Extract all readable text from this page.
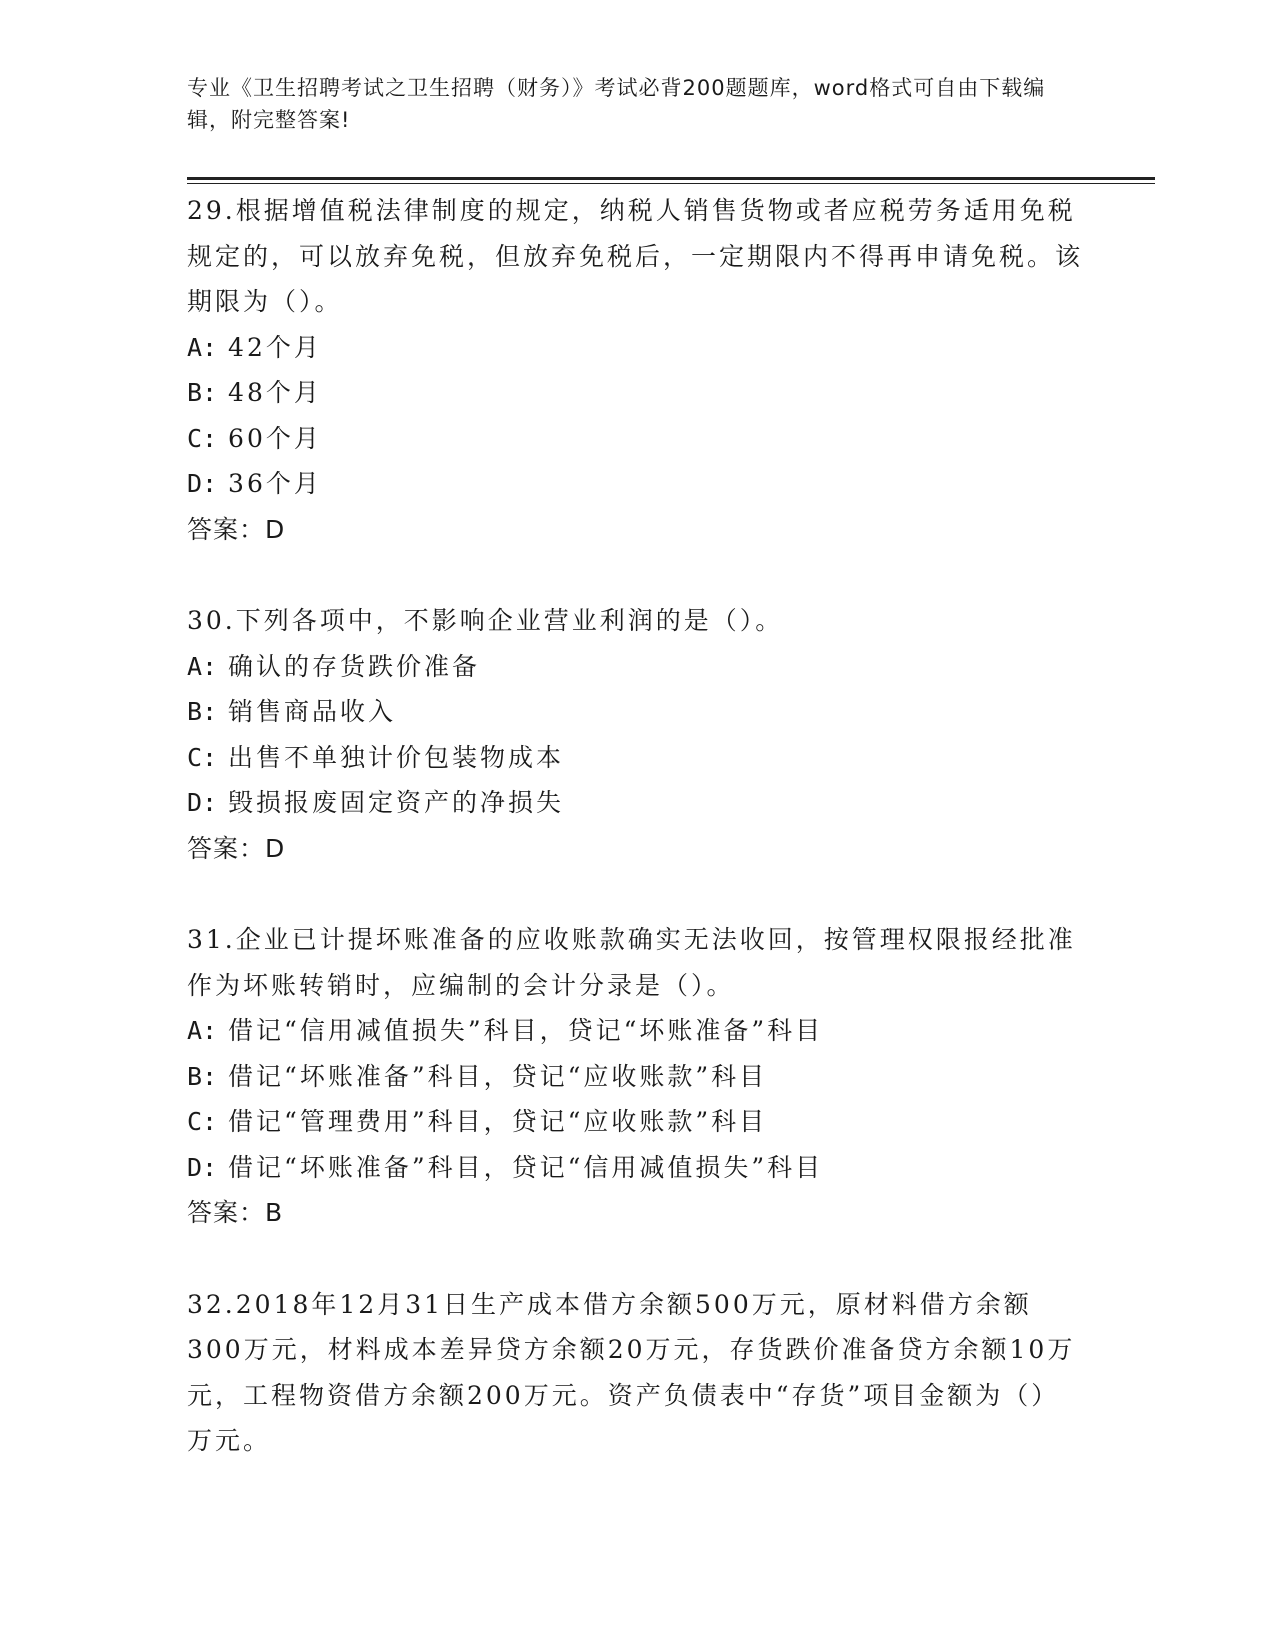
专业《卫生招聘考试之卫生招聘（财务）》考试必背200题题库，word格式可自由下载编辑，附完整答案!

29.根据增值税法律制度的规定，纳税人销售货物或者应税劳务适用免税规定的，可以放弃免税，但放弃免税后，一定期限内不得再申请免税。该期限为（）。

A: 42个月

B: 48个月

C: 60个月

D: 36个月

答案：D

30.下列各项中，不影响企业营业利润的是（）。

A: 确认的存货跌价准备

B: 销售商品收入

C: 出售不单独计价包装物成本

D: 毁损报废固定资产的净损失

答案：D

31.企业已计提坏账准备的应收账款确实无法收回，按管理权限报经批准作为坏账转销时，应编制的会计分录是（）。

A: 借记“信用减值损失”科目，贷记“坏账准备”科目

B: 借记“坏账准备”科目，贷记“应收账款”科目

C: 借记“管理费用”科目，贷记“应收账款”科目

D: 借记“坏账准备”科目，贷记“信用减值损失”科目

答案：B

32.2018年12月31日生产成本借方余额500万元，原材料借方余额300万元，材料成本差异贷方余额20万元，存货跌价准备贷方余额10万元，工程物资借方余额200万元。资产负债表中“存货”项目金额为（）万元。
